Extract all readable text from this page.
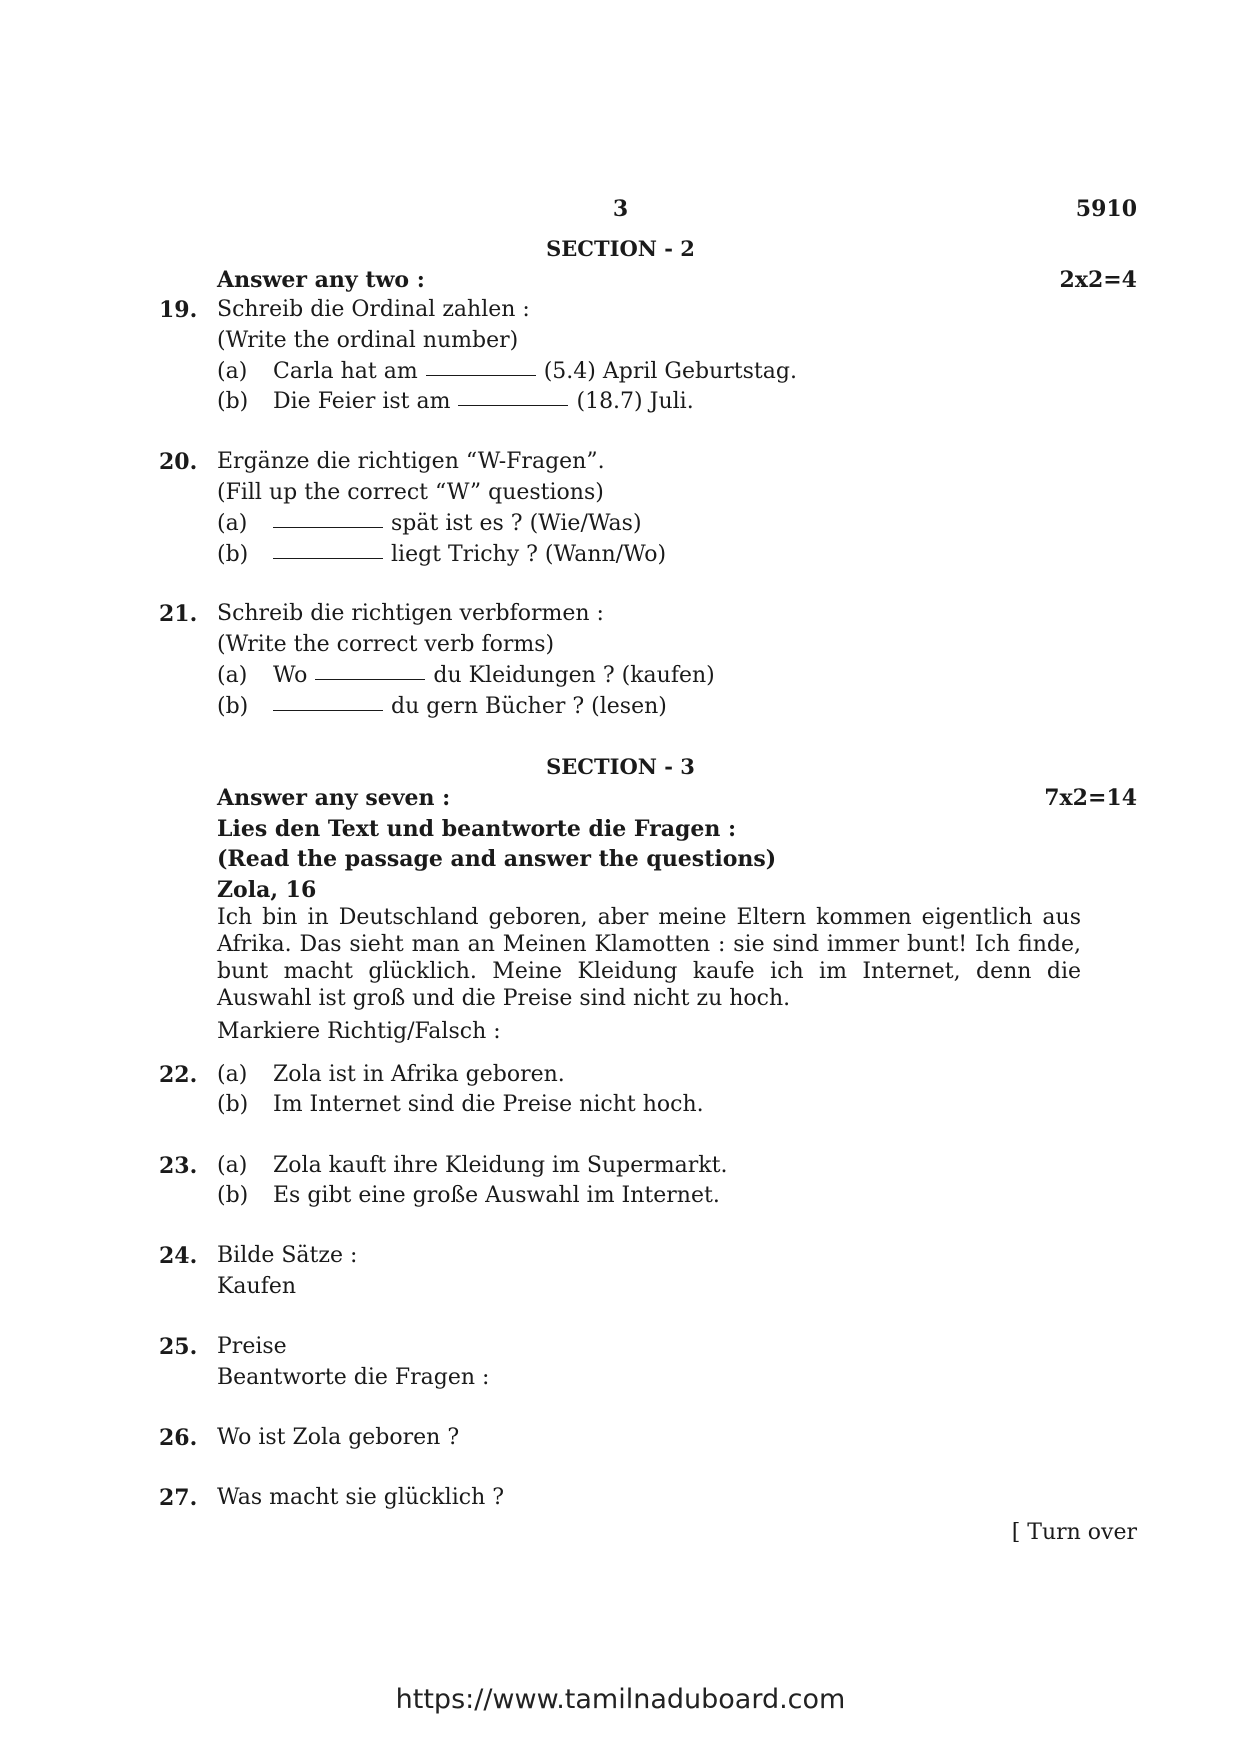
3	5910
SECTION - 2
Answer any two :	2x2=4
19. Schreib die Ordinal zahlen :
(Write the ordinal number)
(a) Carla hat am	(5.4) April Geburtstag.
(b) Die Feier ist am	(18.7) Juli.
20. Ergänze die richtigen “W-Fragen”.
(Fill up the correct “W” questions)
(a)	spät ist es ? (Wie/Was)
(b)	liegt Trichy ? (Wann/Wo)
21. Schreib die richtigen verbformen :
(Write the correct verb forms)
(a) Wo	du Kleidungen ? (kaufen)
(b)	du gern Bücher ? (lesen)
SECTION - 3
Answer any seven :	7x2=14
Lies den Text und beantworte die Fragen :
(Read the passage and answer the questions)
Zola, 16
Ich bin in Deutschland geboren, aber meine Eltern kommen eigentlich aus Afrika. Das sieht man an Meinen Klamotten : sie sind immer bunt! Ich finde, bunt macht glücklich. Meine Kleidung kaufe ich im Internet, denn die Auswahl ist groß und die Preise sind nicht zu hoch.
Markiere Richtig/Falsch :
22. (a) Zola ist in Afrika geboren.
(b) Im Internet sind die Preise nicht hoch.
23. (a) Zola kauft ihre Kleidung im Supermarkt.
(b) Es gibt eine große Auswahl im Internet.
24. Bilde Sätze :
Kaufen
25. Preise
Beantworte die Fragen :
26. Wo ist Zola geboren ?
27. Was macht sie glücklich ?
[ Turn over
https://www.tamilnaduboard.com
